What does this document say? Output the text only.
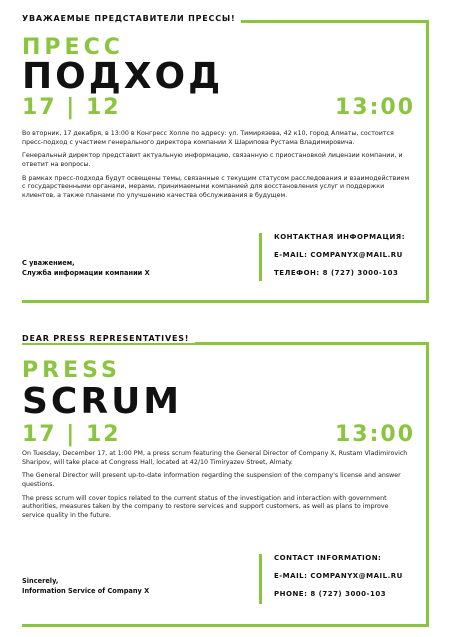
УВАЖАЕМЫЕ ПРЕДСТАВИТЕЛИ ПРЕССЫ!
ПРЕСС
ПОДХОД
17 | 12	13:00

Во вторник, 17 декабря, в 13:00 в Конгресс Холле по адресу: ул. Тимирязева, 42 к10, город Алматы, состоится пресс-подход с участием генерального директора компании X Шарипова Рустама Владимировича.

Генеральный директор представит актуальную информацию, связанную с приостановкой лицензии компании, и ответит на вопросы.

В рамках пресс-подхода будут освещены темы, связанные с текущим статусом расследования и взаимодействием с государственными органами, мерами, принимаемыми компанией для восстановления услуг и поддержки клиентов, а также планами по улучшению качества обслуживания в будущем.

КОНТАКТНАЯ ИНФОРМАЦИЯ:
E-MAIL: COMPANYX@MAIL.RU
ТЕЛЕФОН: 8 (727) 3000-103
С уважением,
Служба информации компании Х
DEAR PRESS REPRESENTATIVES!
PRESS
SCRUM
17 | 12	13:00

On Tuesday, December 17, at 1:00 PM, a press scrum featuring the General Director of Company X, Rustam Vladimirovich Sharipov, will take place at Congress Hall, located at 42/10 Timiryazev Street, Almaty.

The General Director will present up-to-date information regarding the suspension of the company's license and answer questions.

The press scrum will cover topics related to the current status of the investigation and interaction with government authorities, measures taken by the company to restore services and support customers, as well as plans to improve service quality in the future.

CONTACT INFORMATION:
E-MAIL: COMPANYX@MAIL.RU
PHONE: 8 (727) 3000-103
Sincerely,
Information Service of Company X
